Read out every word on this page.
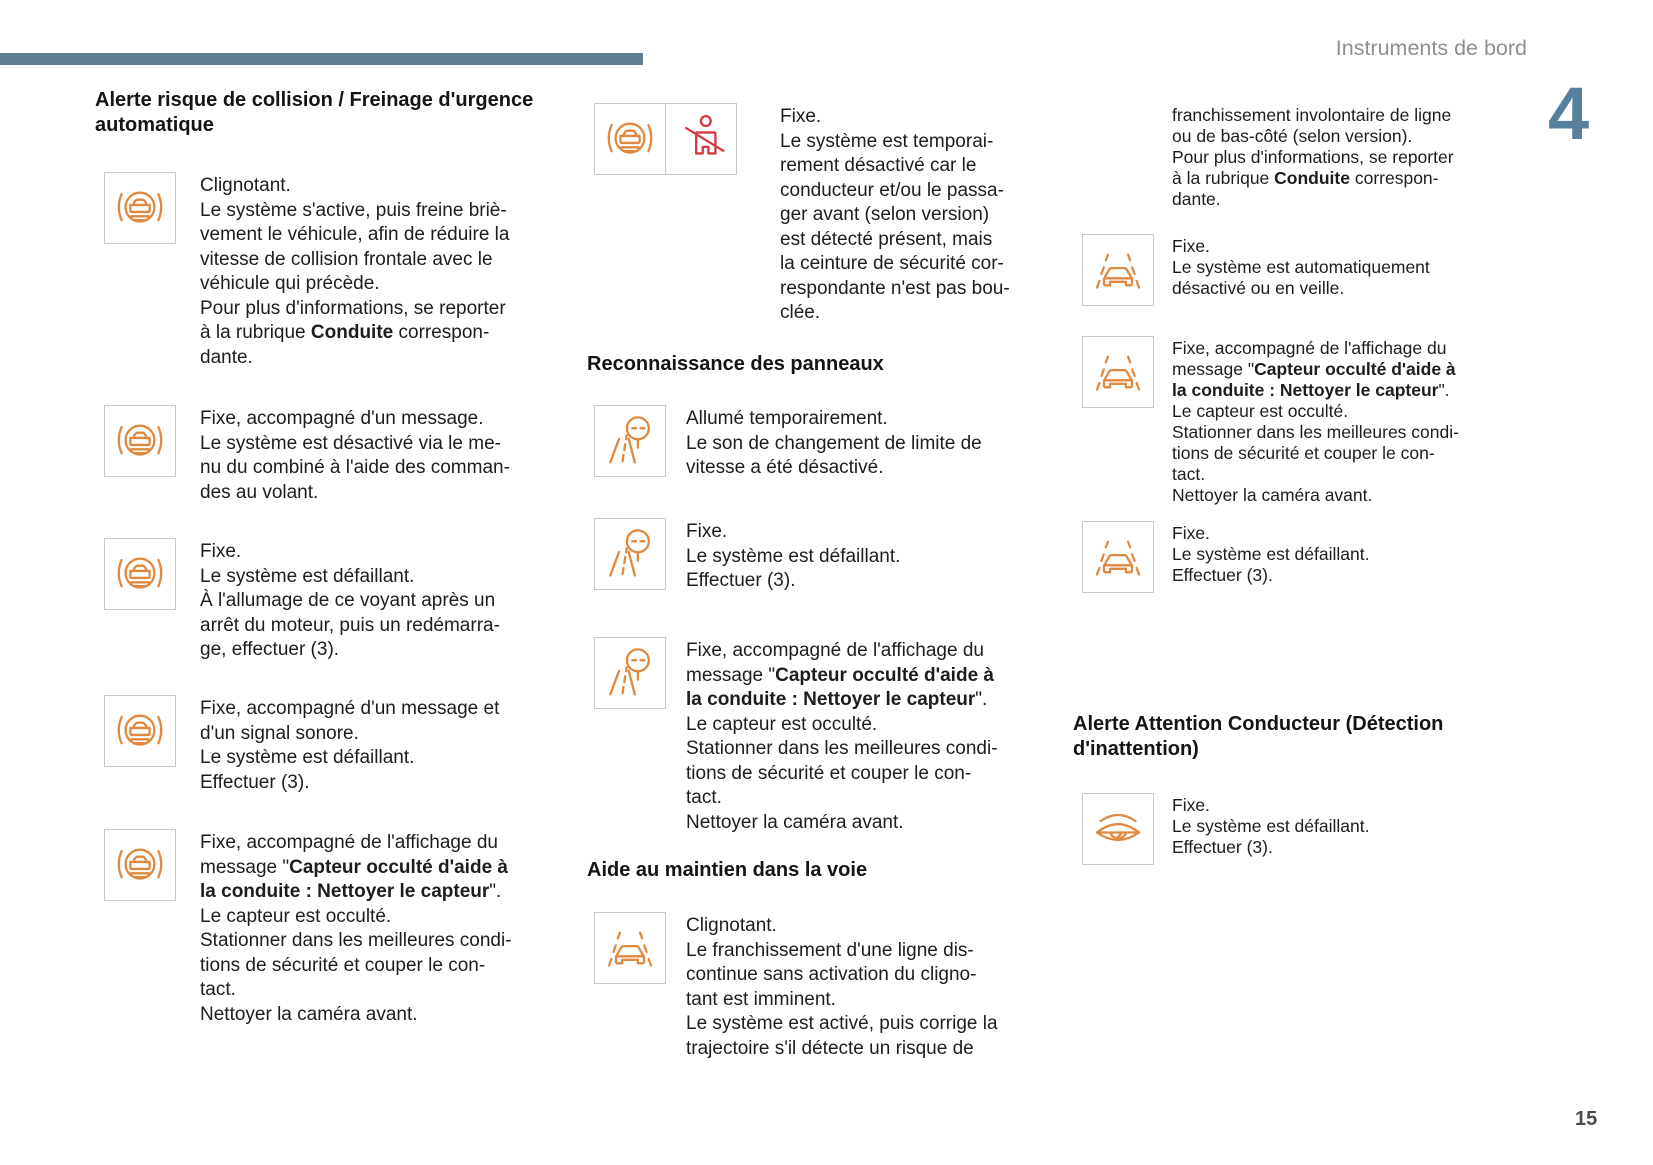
Instruments de bord
4
15
Alerte risque de collision / Freinage d'urgence automatique
Clignotant.
Le système s'active, puis freine briè-
vement le véhicule, afin de réduire la
vitesse de collision frontale avec le
véhicule qui précède.
Pour plus d'informations, se reporter
à la rubrique Conduite correspon-
dante.
Fixe, accompagné d'un message.
Le système est désactivé via le me-
nu du combiné à l'aide des comman-
des au volant.
Fixe.
Le système est défaillant.
À l'allumage de ce voyant après un
arrêt du moteur, puis un redémarra-
ge, effectuer (3).
Fixe, accompagné d'un message et
d'un signal sonore.
Le système est défaillant.
Effectuer (3).
Fixe, accompagné de l'affichage du
message "Capteur occulté d'aide à
la conduite : Nettoyer le capteur".
Le capteur est occulté.
Stationner dans les meilleures condi-
tions de sécurité et couper le con-
tact.
Nettoyer la caméra avant.
Fixe.
Le système est temporai-
rement désactivé car le
conducteur et/ou le passa-
ger avant (selon version)
est détecté présent, mais
la ceinture de sécurité cor-
respondante n'est pas bou-
clée.
Reconnaissance des panneaux
Allumé temporairement.
Le son de changement de limite de
vitesse a été désactivé.
Fixe.
Le système est défaillant.
Effectuer (3).
Fixe, accompagné de l'affichage du
message "Capteur occulté d'aide à
la conduite : Nettoyer le capteur".
Le capteur est occulté.
Stationner dans les meilleures condi-
tions de sécurité et couper le con-
tact.
Nettoyer la caméra avant.
Aide au maintien dans la voie
Clignotant.
Le franchissement d'une ligne dis-
continue sans activation du cligno-
tant est imminent.
Le système est activé, puis corrige la
trajectoire s'il détecte un risque de
franchissement involontaire de ligne
ou de bas-côté (selon version).
Pour plus d'informations, se reporter
à la rubrique Conduite correspon-
dante.
Fixe.
Le système est automatiquement
désactivé ou en veille.
Fixe, accompagné de l'affichage du
message "Capteur occulté d'aide à
la conduite : Nettoyer le capteur".
Le capteur est occulté.
Stationner dans les meilleures condi-
tions de sécurité et couper le con-
tact.
Nettoyer la caméra avant.
Fixe.
Le système est défaillant.
Effectuer (3).
Alerte Attention Conducteur (Détection d'inattention)
Fixe.
Le système est défaillant.
Effectuer (3).
